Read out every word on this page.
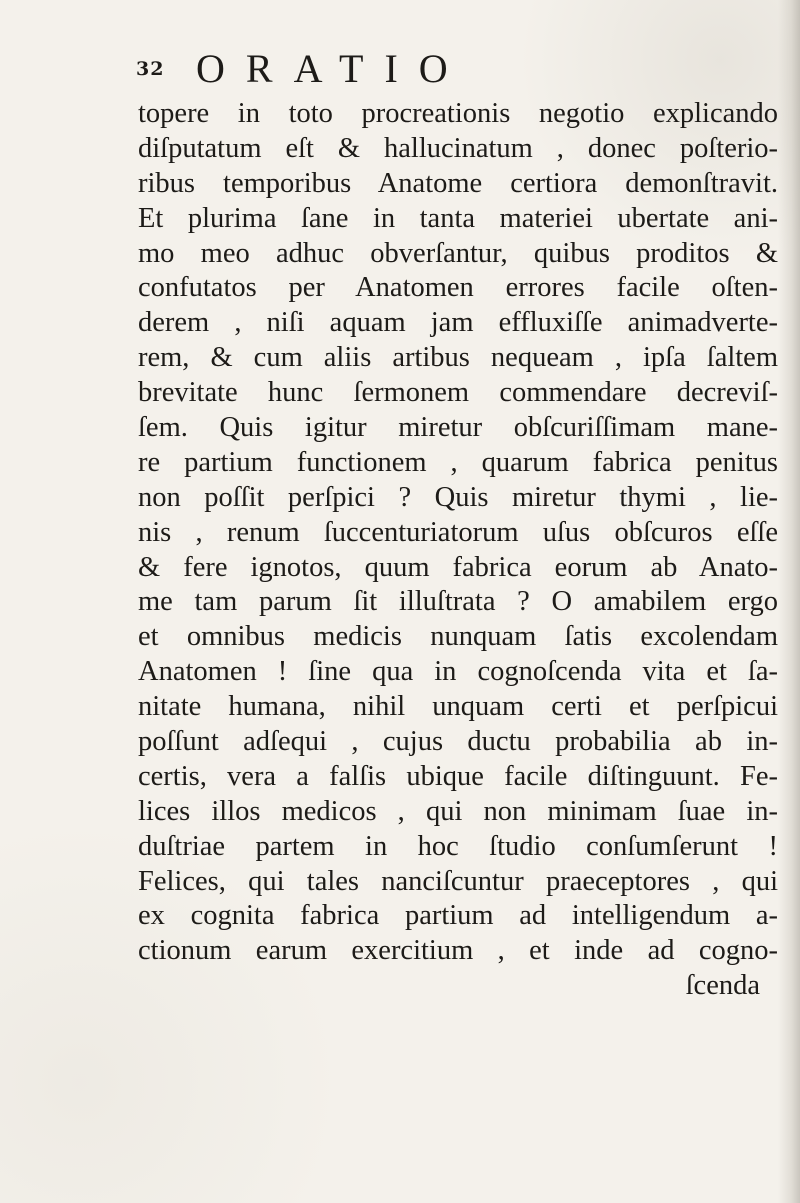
32 ORATIO
topere in toto procreationis negotio explicando
diſputatum eſt & hallucinatum , donec poſterio-
ribus temporibus Anatome certiora demonſtravit.
Et plurima ſane in tanta materiei ubertate ani-
mo meo adhuc obverſantur, quibus proditos &
confutatos per Anatomen errores facile oſten-
derem , niſi aquam jam effluxiſſe animadverte-
rem, & cum aliis artibus nequeam , ipſa ſaltem
brevitate hunc ſermonem commendare decreviſ-
ſem. Quis igitur miretur obſcuriſſimam mane-
re partium functionem , quarum fabrica penitus
non poſſit perſpici ? Quis miretur thymi , lie-
nis , renum ſuccenturiatorum uſus obſcuros eſſe
& fere ignotos, quum fabrica eorum ab Anato-
me tam parum ſit illuſtrata ? O amabilem ergo
et omnibus medicis nunquam ſatis excolendam
Anatomen ! ſine qua in cognoſcenda vita et ſa-
nitate humana, nihil unquam certi et perſpicui
poſſunt adſequi , cujus ductu probabilia ab in-
certis, vera a falſis ubique facile diſtinguunt. Fe-
lices illos medicos , qui non minimam ſuae in-
duſtriae partem in hoc ſtudio conſumſerunt !
Felices, qui tales nanciſcuntur praeceptores , qui
ex cognita fabrica partium ad intelligendum a-
ctionum earum exercitium , et inde ad cogno-
ſcenda
